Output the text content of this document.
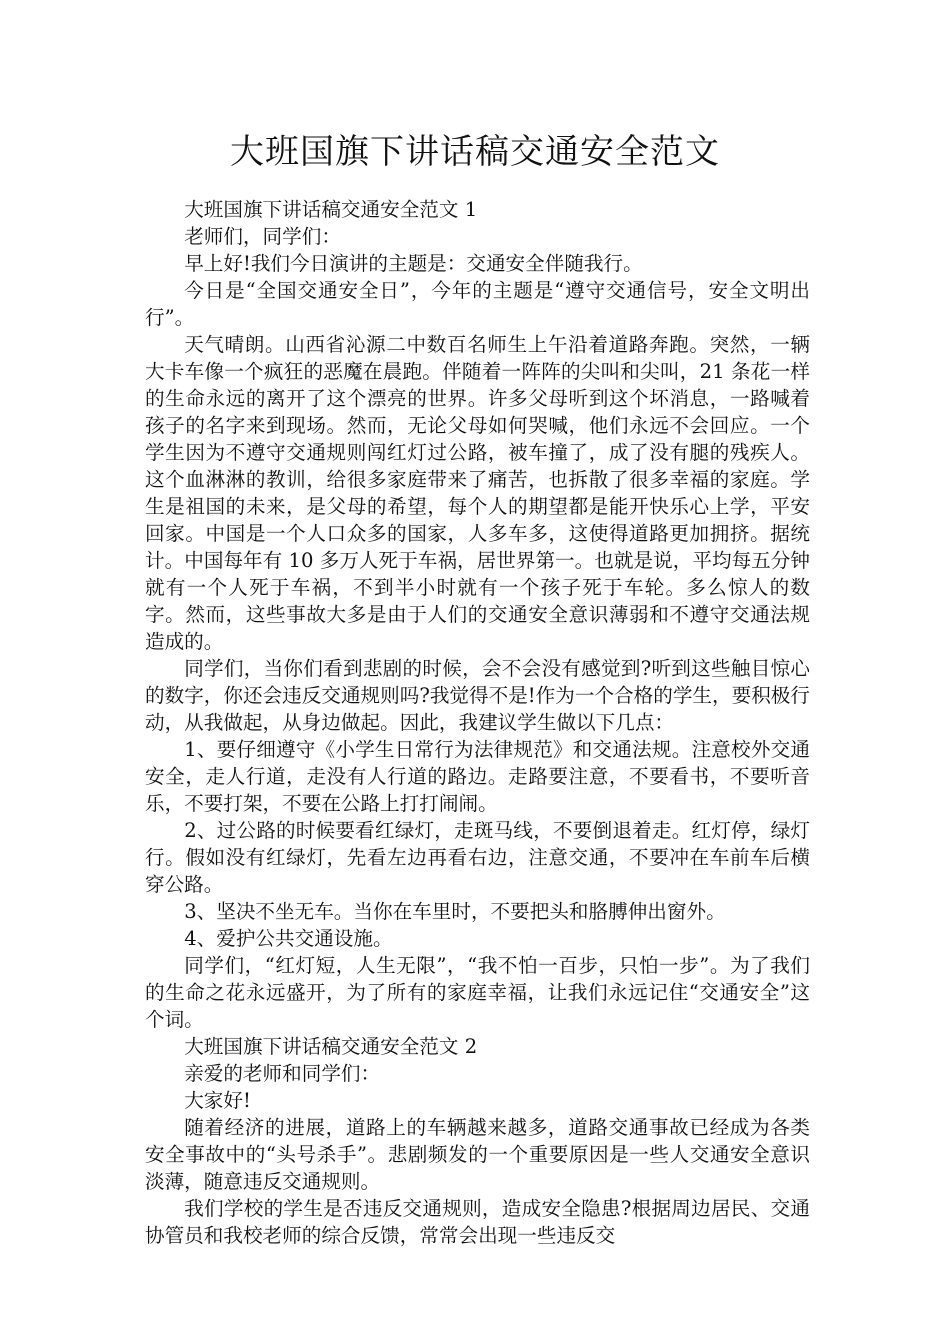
大班国旗下讲话稿交通安全范文

大班国旗下讲话稿交通安全范文 1

老师们，同学们：

早上好!我们今日演讲的主题是：交通安全伴随我行。

今日是“全国交通安全日”，今年的主题是“遵守交通信号，安全文明出行”。

天气晴朗。山西省沁源二中数百名师生上午沿着道路奔跑。突然，一辆大卡车像一个疯狂的恶魔在晨跑。伴随着一阵阵的尖叫和尖叫，21 条花一样的生命永远的离开了这个漂亮的世界。许多父母听到这个坏消息，一路喊着孩子的名字来到现场。然而，无论父母如何哭喊，他们永远不会回应。一个学生因为不遵守交通规则闯红灯过公路，被车撞了，成了没有腿的残疾人。这个血淋淋的教训，给很多家庭带来了痛苦，也拆散了很多幸福的家庭。学生是祖国的未来，是父母的希望，每个人的期望都是能开快乐心上学，平安回家。中国是一个人口众多的国家，人多车多，这使得道路更加拥挤。据统计。中国每年有 10 多万人死于车祸，居世界第一。也就是说，平均每五分钟就有一个人死于车祸，不到半小时就有一个孩子死于车轮。多么惊人的数字。然而，这些事故大多是由于人们的交通安全意识薄弱和不遵守交通法规造成的。

同学们，当你们看到悲剧的时候，会不会没有感觉到?听到这些触目惊心的数字，你还会违反交通规则吗?我觉得不是!作为一个合格的学生，要积极行动，从我做起，从身边做起。因此，我建议学生做以下几点：

1、要仔细遵守《小学生日常行为法律规范》和交通法规。注意校外交通安全，走人行道，走没有人行道的路边。走路要注意，不要看书，不要听音乐，不要打架，不要在公路上打打闹闹。

2、过公路的时候要看红绿灯，走斑马线，不要倒退着走。红灯停，绿灯行。假如没有红绿灯，先看左边再看右边，注意交通，不要冲在车前车后横穿公路。

3、坚决不坐无车。当你在车里时，不要把头和胳膊伸出窗外。

4、爱护公共交通设施。

同学们，“红灯短，人生无限”，“我不怕一百步，只怕一步”。为了我们的生命之花永远盛开，为了所有的家庭幸福，让我们永远记住“交通安全”这个词。

大班国旗下讲话稿交通安全范文 2

亲爱的老师和同学们：

大家好!

随着经济的进展，道路上的车辆越来越多，道路交通事故已经成为各类安全事故中的“头号杀手”。悲剧频发的一个重要原因是一些人交通安全意识淡薄，随意违反交通规则。

我们学校的学生是否违反交通规则，造成安全隐患?根据周边居民、交通协管员和我校老师的综合反馈，常常会出现一些违反交
